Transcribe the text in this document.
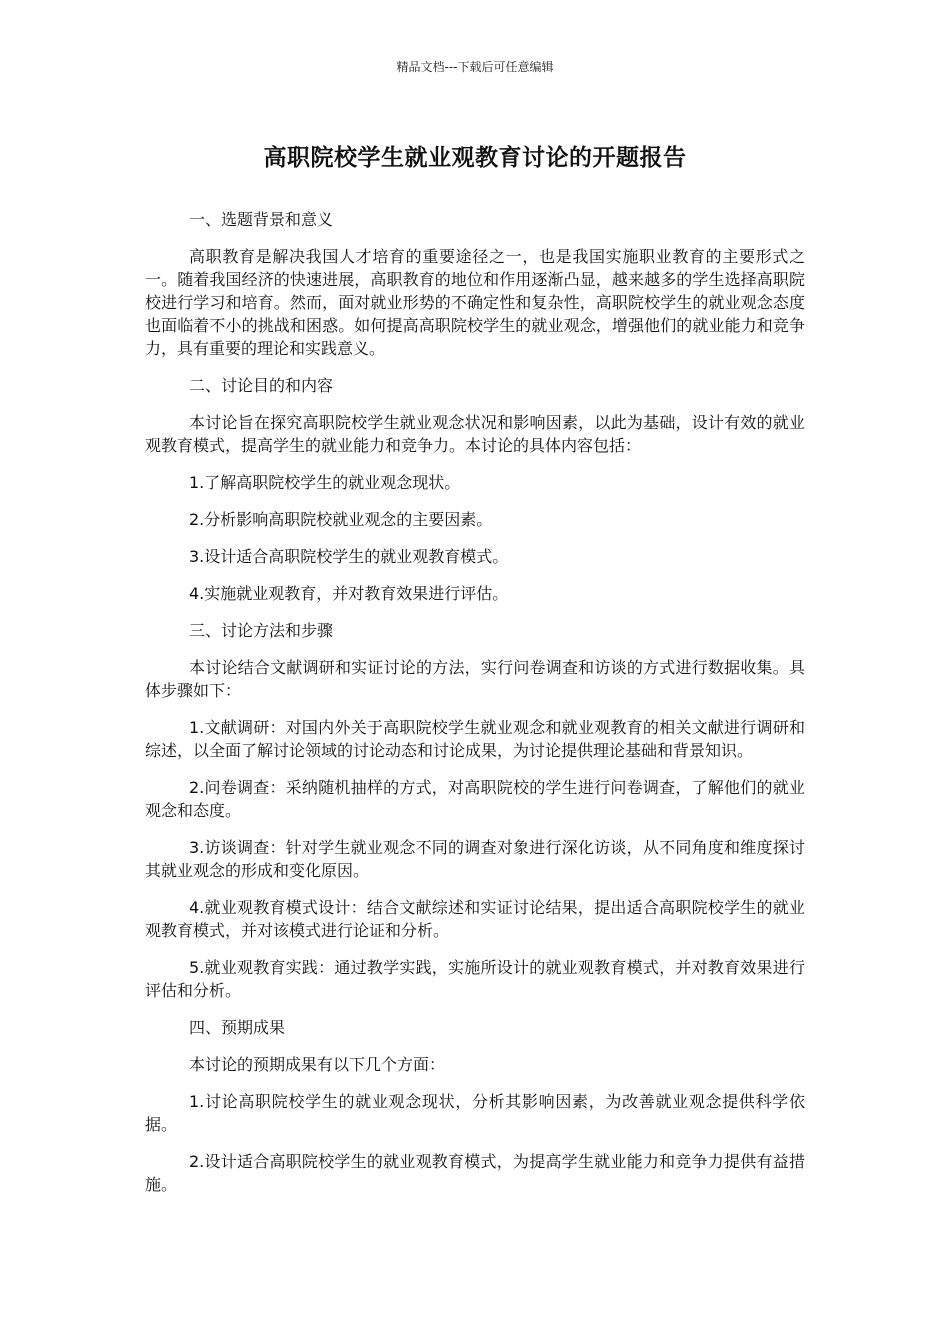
精品文档---下载后可任意编辑
高职院校学生就业观教育讨论的开题报告

一、选题背景和意义

高职教育是解决我国人才培育的重要途径之一，也是我国实施职业教育的主要形式之一。随着我国经济的快速进展，高职教育的地位和作用逐渐凸显，越来越多的学生选择高职院校进行学习和培育。然而，面对就业形势的不确定性和复杂性，高职院校学生的就业观念态度也面临着不小的挑战和困惑。如何提高高职院校学生的就业观念，增强他们的就业能力和竞争力，具有重要的理论和实践意义。

二、讨论目的和内容

本讨论旨在探究高职院校学生就业观念状况和影响因素，以此为基础，设计有效的就业观教育模式，提高学生的就业能力和竞争力。本讨论的具体内容包括：

1.了解高职院校学生的就业观念现状。

2.分析影响高职院校就业观念的主要因素。

3.设计适合高职院校学生的就业观教育模式。

4.实施就业观教育，并对教育效果进行评估。

三、讨论方法和步骤

本讨论结合文献调研和实证讨论的方法，实行问卷调查和访谈的方式进行数据收集。具体步骤如下：

1.文献调研：对国内外关于高职院校学生就业观念和就业观教育的相关文献进行调研和综述，以全面了解讨论领域的讨论动态和讨论成果，为讨论提供理论基础和背景知识。

2.问卷调查：采纳随机抽样的方式，对高职院校的学生进行问卷调查，了解他们的就业观念和态度。

3.访谈调查：针对学生就业观念不同的调查对象进行深化访谈，从不同角度和维度探讨其就业观念的形成和变化原因。

4.就业观教育模式设计：结合文献综述和实证讨论结果，提出适合高职院校学生的就业观教育模式，并对该模式进行论证和分析。

5.就业观教育实践：通过教学实践，实施所设计的就业观教育模式，并对教育效果进行评估和分析。

四、预期成果

本讨论的预期成果有以下几个方面：

1.讨论高职院校学生的就业观念现状，分析其影响因素，为改善就业观念提供科学依据。

2.设计适合高职院校学生的就业观教育模式，为提高学生就业能力和竞争力提供有益措施。
